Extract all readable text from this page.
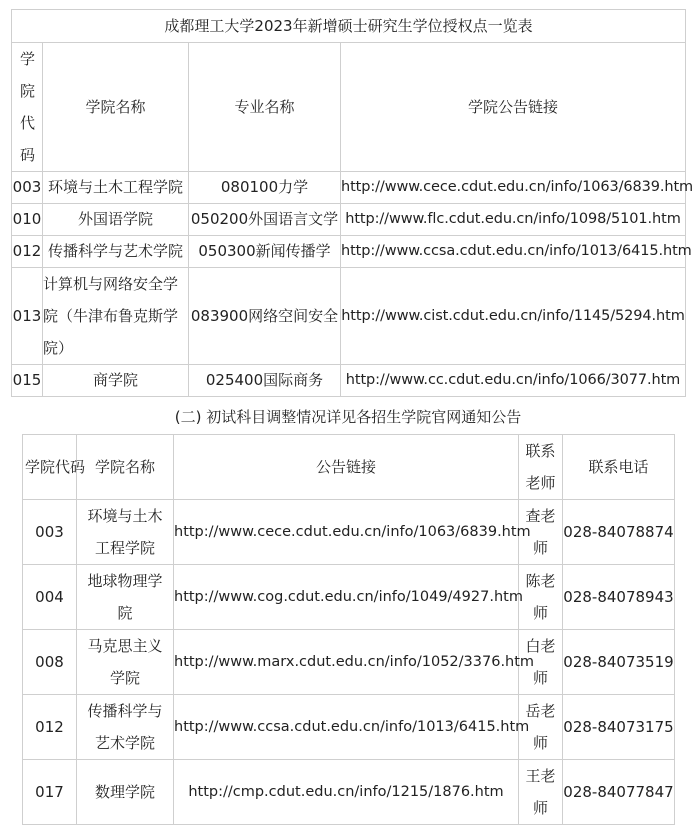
成都理工大学2023年新增硕士研究生学位授权点一览表			

学院代码	学院名称	专业名称	学院公告链接
003	环境与土木工程学院	080100力学	http://www.cece.cdut.edu.cn/info/1063/6839.htm
010	外国语学院	050200外国语言文学	http://www.flc.cdut.edu.cn/info/1098/5101.htm
012	传播科学与艺术学院	050300新闻传播学	http://www.ccsa.cdut.edu.cn/info/1013/6415.htm
013	计算机与网络安全学院（牛津布鲁克斯学院）	083900网络空间安全	http://www.cist.cdut.edu.cn/info/1145/5294.htm
015	商学院	025400国际商务	http://www.cc.cdut.edu.cn/info/1066/3077.htm
(二) 初试科目调整情况详见各招生学院官网通知公告
学院代码	学院名称	公告链接	联系老师	联系电话
003	环境与土木工程学院	http://www.cece.cdut.edu.cn/info/1063/6839.htm	查老师	028-84078874
004	地球物理学院	http://www.cog.cdut.edu.cn/info/1049/4927.htm	陈老师	028-84078943
008	马克思主义学院	http://www.marx.cdut.edu.cn/info/1052/3376.htm	白老师	028-84073519
012	传播科学与艺术学院	http://www.ccsa.cdut.edu.cn/info/1013/6415.htm	岳老师	028-84073175
017	数理学院	http://cmp.cdut.edu.cn/info/1215/1876.htm	王老师	028-84077847
